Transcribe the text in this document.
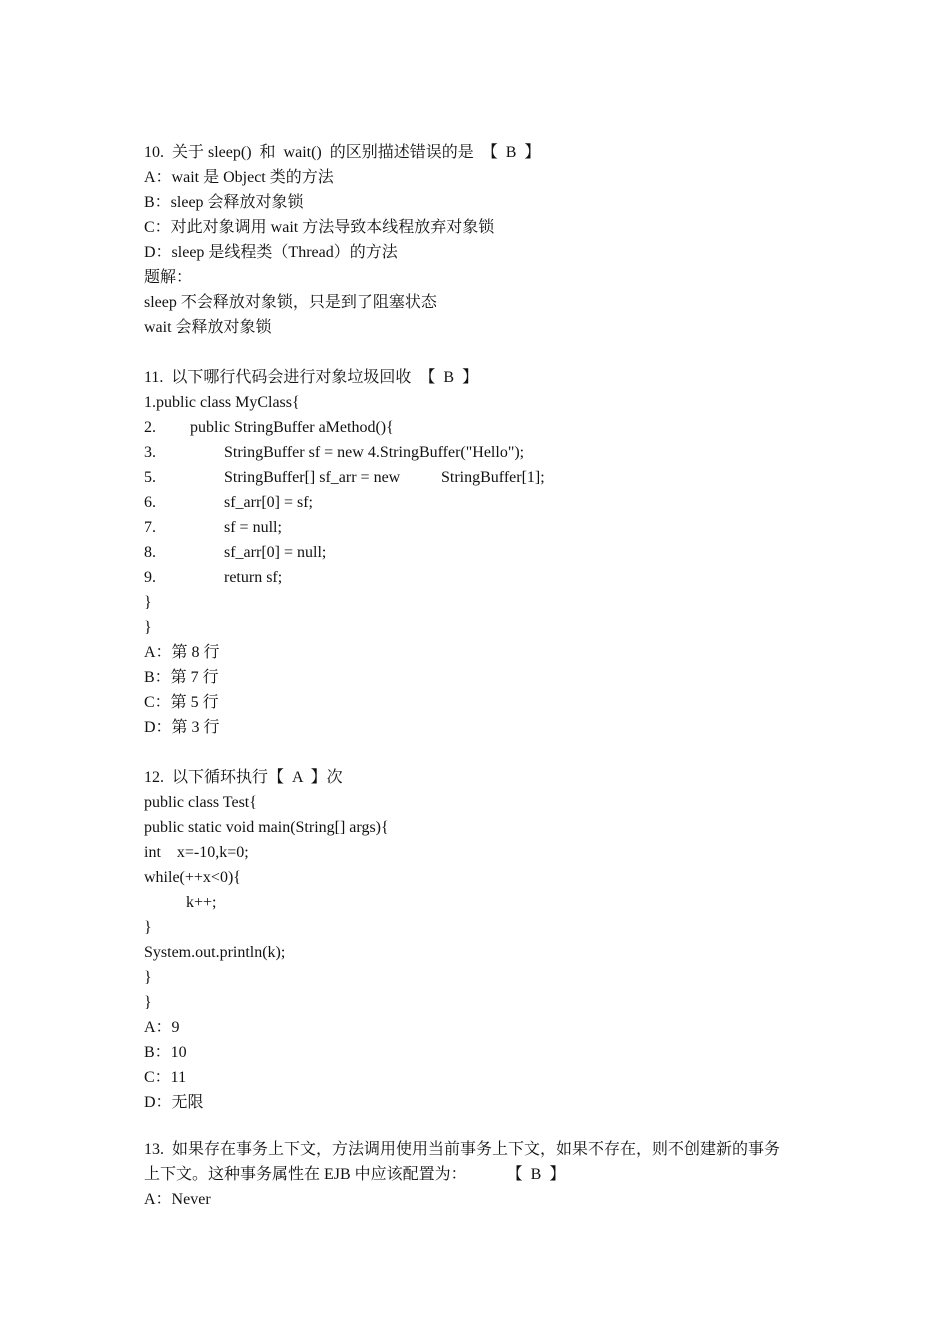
10.  关于 sleep()  和  wait()  的区别描述错误的是  【  B  】
A：wait 是 Object 类的方法
B：sleep 会释放对象锁
C：对此对象调用 wait 方法导致本线程放弃对象锁
D：sleep 是线程类（Thread）的方法
题解：
sleep 不会释放对象锁，只是到了阻塞状态
wait 会释放对象锁
11.  以下哪行代码会进行对象垃圾回收  【  B  】
1.public class MyClass{
2. public StringBuffer aMethod(){
3.	StringBuffer sf = new 4.StringBuffer("Hello");
5.	StringBuffer[] sf_arr = new	StringBuffer[1];
6.	sf_arr[0] = sf;
7.	sf = null;
8.	sf_arr[0] = null;
9.	return sf;
}
}
A：第 8 行
B：第 7 行
C：第 5 行
D：第 3 行
12.  以下循环执行【  A  】次
public class Test{
public static void main(String[] args){
int    x=-10,k=0;
while(++x<0){
k++;
}
System.out.println(k);
}
}
A：9
B：10
C：11
D：无限
13.  如果存在事务上下文，方法调用使用当前事务上下文，如果不存在，则不创建新的事务
上下文。这种事务属性在 EJB 中应该配置为：          【  B  】
A：Never
